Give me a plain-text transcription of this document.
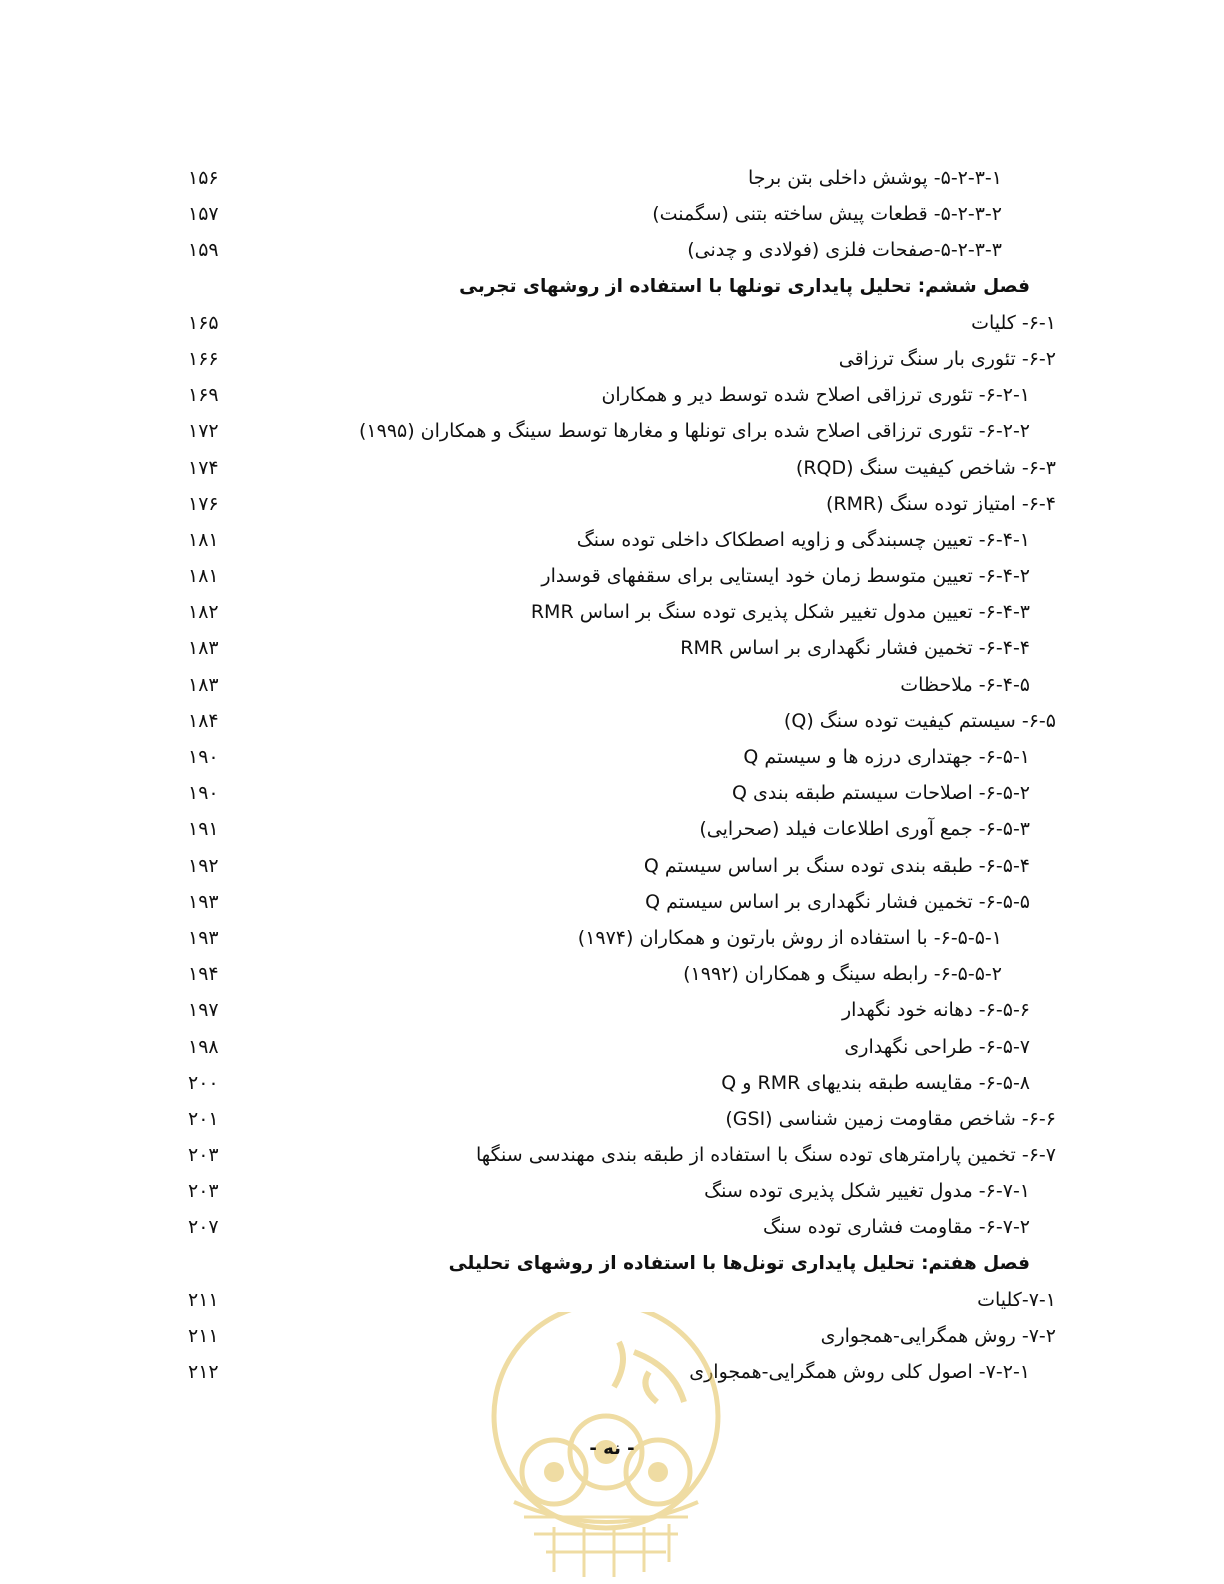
۵-۲-۳-۱- پوشش داخلی بتن برجا
۱۵۶
۵-۲-۳-۲- قطعات پیش ساخته بتنی (سگمنت)
۱۵۷
۵-۲-۳-۳-صفحات فلزی (فولادی و چدنی)
۱۵۹
فصل ششم: تحلیل پایداری تونلها با استفاده از روشهای تجربی
۶-۱- کلیات
۱۶۵
۶-۲- تئوری بار سنگ ترزاقی
۱۶۶
۶-۲-۱- تئوری ترزاقی اصلاح شده توسط دیر و همکاران
۱۶۹
۶-۲-۲- تئوری ترزاقی اصلاح شده برای تونلها و مغارها توسط سینگ و همکاران (۱۹۹۵)
۱۷۲
۶-۳- شاخص کیفیت سنگ (RQD)
۱۷۴
۶-۴- امتیاز توده سنگ (RMR)
۱۷۶
۶-۴-۱- تعیین چسبندگی و زاویه اصطکاک داخلی توده سنگ
۱۸۱
۶-۴-۲- تعیین متوسط زمان خود ایستایی برای سقفهای قوسدار
۱۸۱
۶-۴-۳- تعیین مدول تغییر شکل پذیری توده سنگ بر اساس RMR
۱۸۲
۶-۴-۴- تخمین فشار نگهداری بر اساس RMR
۱۸۳
۶-۴-۵- ملاحظات
۱۸۳
۶-۵- سیستم کیفیت توده سنگ (Q)
۱۸۴
۶-۵-۱- جهتداری درزه ها و سیستم Q
۱۹۰
۶-۵-۲- اصلاحات سیستم طبقه بندی Q
۱۹۰
۶-۵-۳- جمع آوری اطلاعات فیلد (صحرایی)
۱۹۱
۶-۵-۴- طبقه بندی توده سنگ بر اساس سیستم Q
۱۹۲
۶-۵-۵- تخمین فشار نگهداری بر اساس سیستم Q
۱۹۳
۶-۵-۵-۱- با استفاده از روش بارتون و همکاران (۱۹۷۴)
۱۹۳
۶-۵-۵-۲- رابطه سینگ و همکاران (۱۹۹۲)
۱۹۴
۶-۵-۶- دهانه خود نگهدار
۱۹۷
۶-۵-۷- طراحی نگهداری
۱۹۸
۶-۵-۸- مقایسه طبقه بندیهای RMR و Q
۲۰۰
۶-۶- شاخص مقاومت زمین شناسی (GSI)
۲۰۱
۶-۷- تخمین پارامترهای توده سنگ با استفاده از طبقه بندی مهندسی سنگها
۲۰۳
۶-۷-۱- مدول تغییر شکل پذیری توده سنگ
۲۰۳
۶-۷-۲- مقاومت فشاری توده سنگ
۲۰۷
فصل هفتم: تحلیل پایداری تونل‌ها با استفاده از روشهای تحلیلی
۷-۱-کلیات
۲۱۱
۷-۲- روش همگرایی-همجواری
۲۱۱
۷-۲-۱- اصول کلی روش همگرایی-همجواری
۲۱۲
- نه -
